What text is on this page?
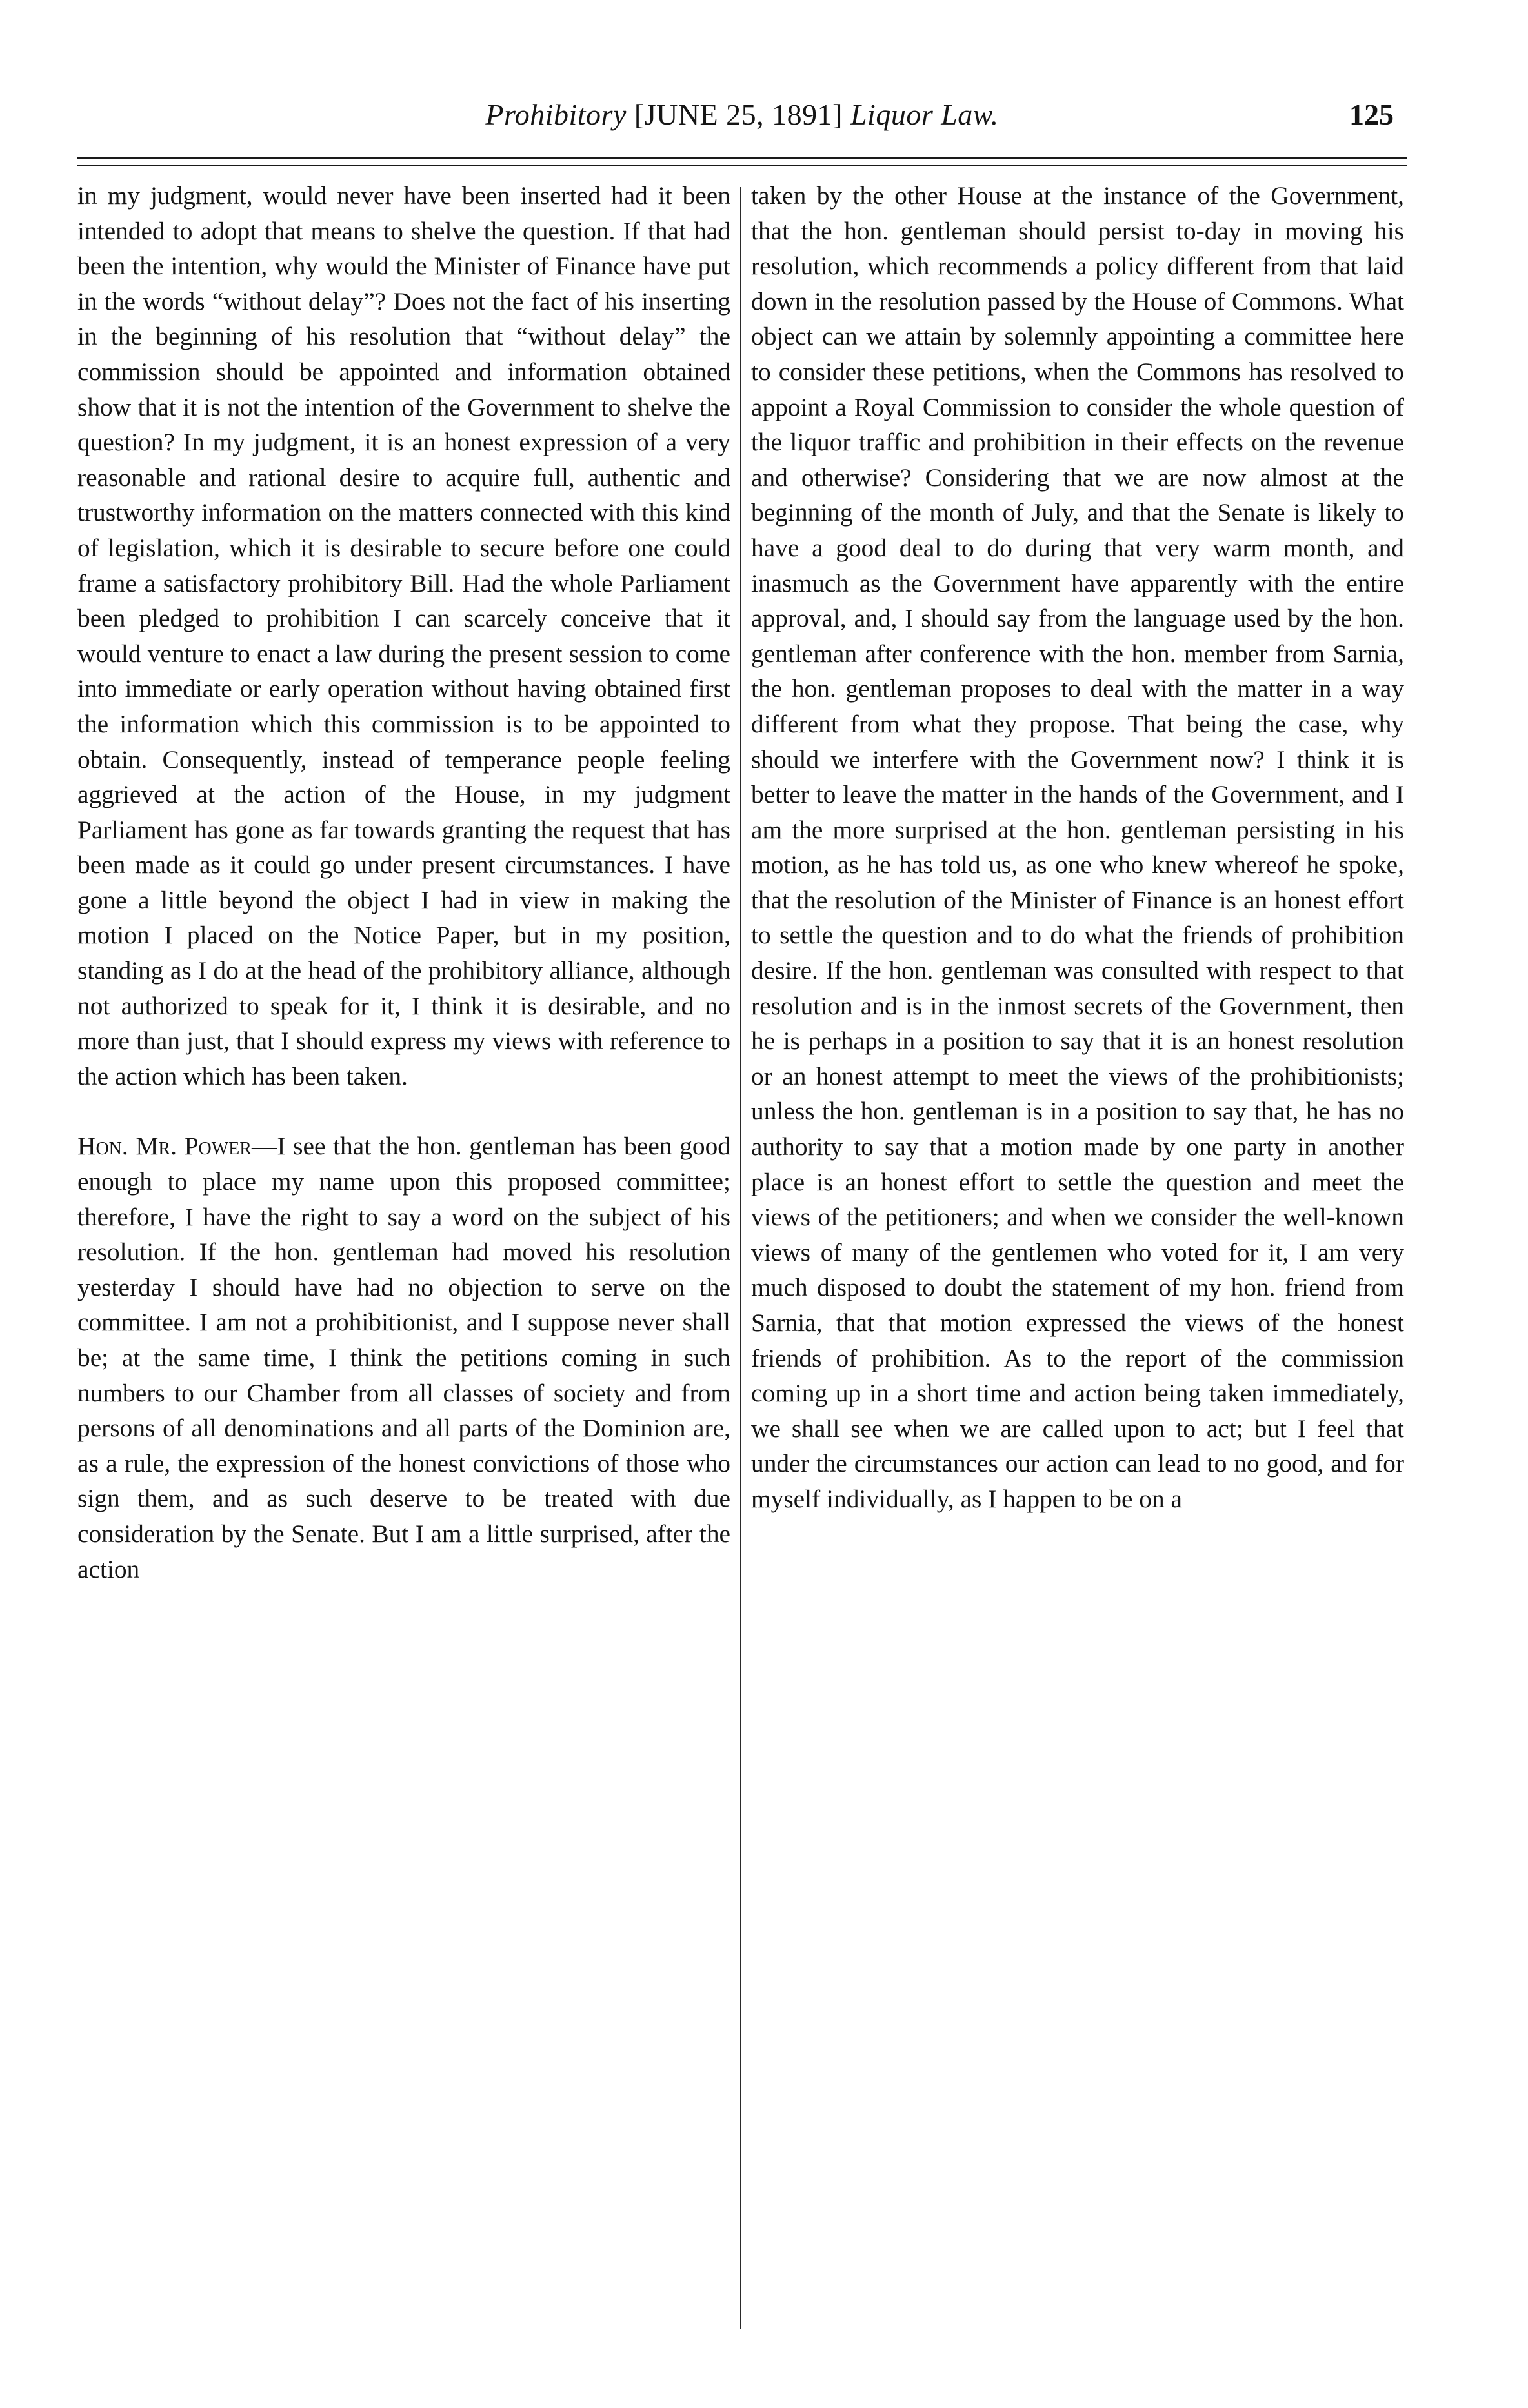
Prohibitory [JUNE 25, 1891] Liquor Law.	125

in my judgment, would never have been inserted had it been intended to adopt that means to shelve the question. If that had been the intention, why would the Minister of Finance have put in the words “without delay”? Does not the fact of his inserting in the beginning of his resolution that “without delay” the commission should be appointed and information obtained show that it is not the intention of the Government to shelve the question? In my judgment, it is an honest expression of a very reasonable and rational desire to acquire full, authentic and trustworthy information on the matters connected with this kind of legislation, which it is desirable to secure before one could frame a satisfactory prohibitory Bill. Had the whole Parliament been pledged to prohibition I can scarcely conceive that it would venture to enact a law during the present session to come into immediate or early operation without having obtained first the information which this commission is to be appointed to obtain. Consequently, instead of temperance people feeling aggrieved at the action of the House, in my judgment Parliament has gone as far towards granting the request that has been made as it could go under present circumstances. I have gone a little beyond the object I had in view in making the motion I placed on the Notice Paper, but in my position, standing as I do at the head of the prohibitory alliance, although not authorized to speak for it, I think it is desirable, and no more than just, that I should express my views with reference to the action which has been taken.

Hon. Mr. Power—I see that the hon. gentleman has been good enough to place my name upon this proposed committee; therefore, I have the right to say a word on the subject of his resolution. If the hon. gentleman had moved his resolution yesterday I should have had no objection to serve on the committee. I am not a prohibitionist, and I suppose never shall be; at the same time, I think the petitions coming in such numbers to our Chamber from all classes of society and from persons of all denominations and all parts of the Dominion are, as a rule, the expression of the honest convictions of those who sign them, and as such deserve to be treated with due consideration by the Senate. But I am a little surprised, after the action

taken by the other House at the instance of the Government, that the hon. gentleman should persist to-day in moving his resolution, which recommends a policy different from that laid down in the resolution passed by the House of Commons. What object can we attain by solemnly appointing a committee here to consider these petitions, when the Commons has resolved to appoint a Royal Commission to consider the whole question of the liquor traffic and prohibition in their effects on the revenue and otherwise? Considering that we are now almost at the beginning of the month of July, and that the Senate is likely to have a good deal to do during that very warm month, and inasmuch as the Government have apparently with the entire approval, and, I should say from the language used by the hon. gentleman after conference with the hon. member from Sarnia, the hon. gentleman proposes to deal with the matter in a way different from what they propose. That being the case, why should we interfere with the Government now? I think it is better to leave the matter in the hands of the Government, and I am the more surprised at the hon. gentleman persisting in his motion, as he has told us, as one who knew whereof he spoke, that the resolution of the Minister of Finance is an honest effort to settle the question and to do what the friends of prohibition desire. If the hon. gentleman was consulted with respect to that resolution and is in the inmost secrets of the Government, then he is perhaps in a position to say that it is an honest resolution or an honest attempt to meet the views of the prohibitionists; unless the hon. gentleman is in a position to say that, he has no authority to say that a motion made by one party in another place is an honest effort to settle the question and meet the views of the petitioners; and when we consider the well-known views of many of the gentlemen who voted for it, I am very much disposed to doubt the statement of my hon. friend from Sarnia, that that motion expressed the views of the honest friends of prohibition. As to the report of the commission coming up in a short time and action being taken immediately, we shall see when we are called upon to act; but I feel that under the circumstances our action can lead to no good, and for myself individually, as I happen to be on a
